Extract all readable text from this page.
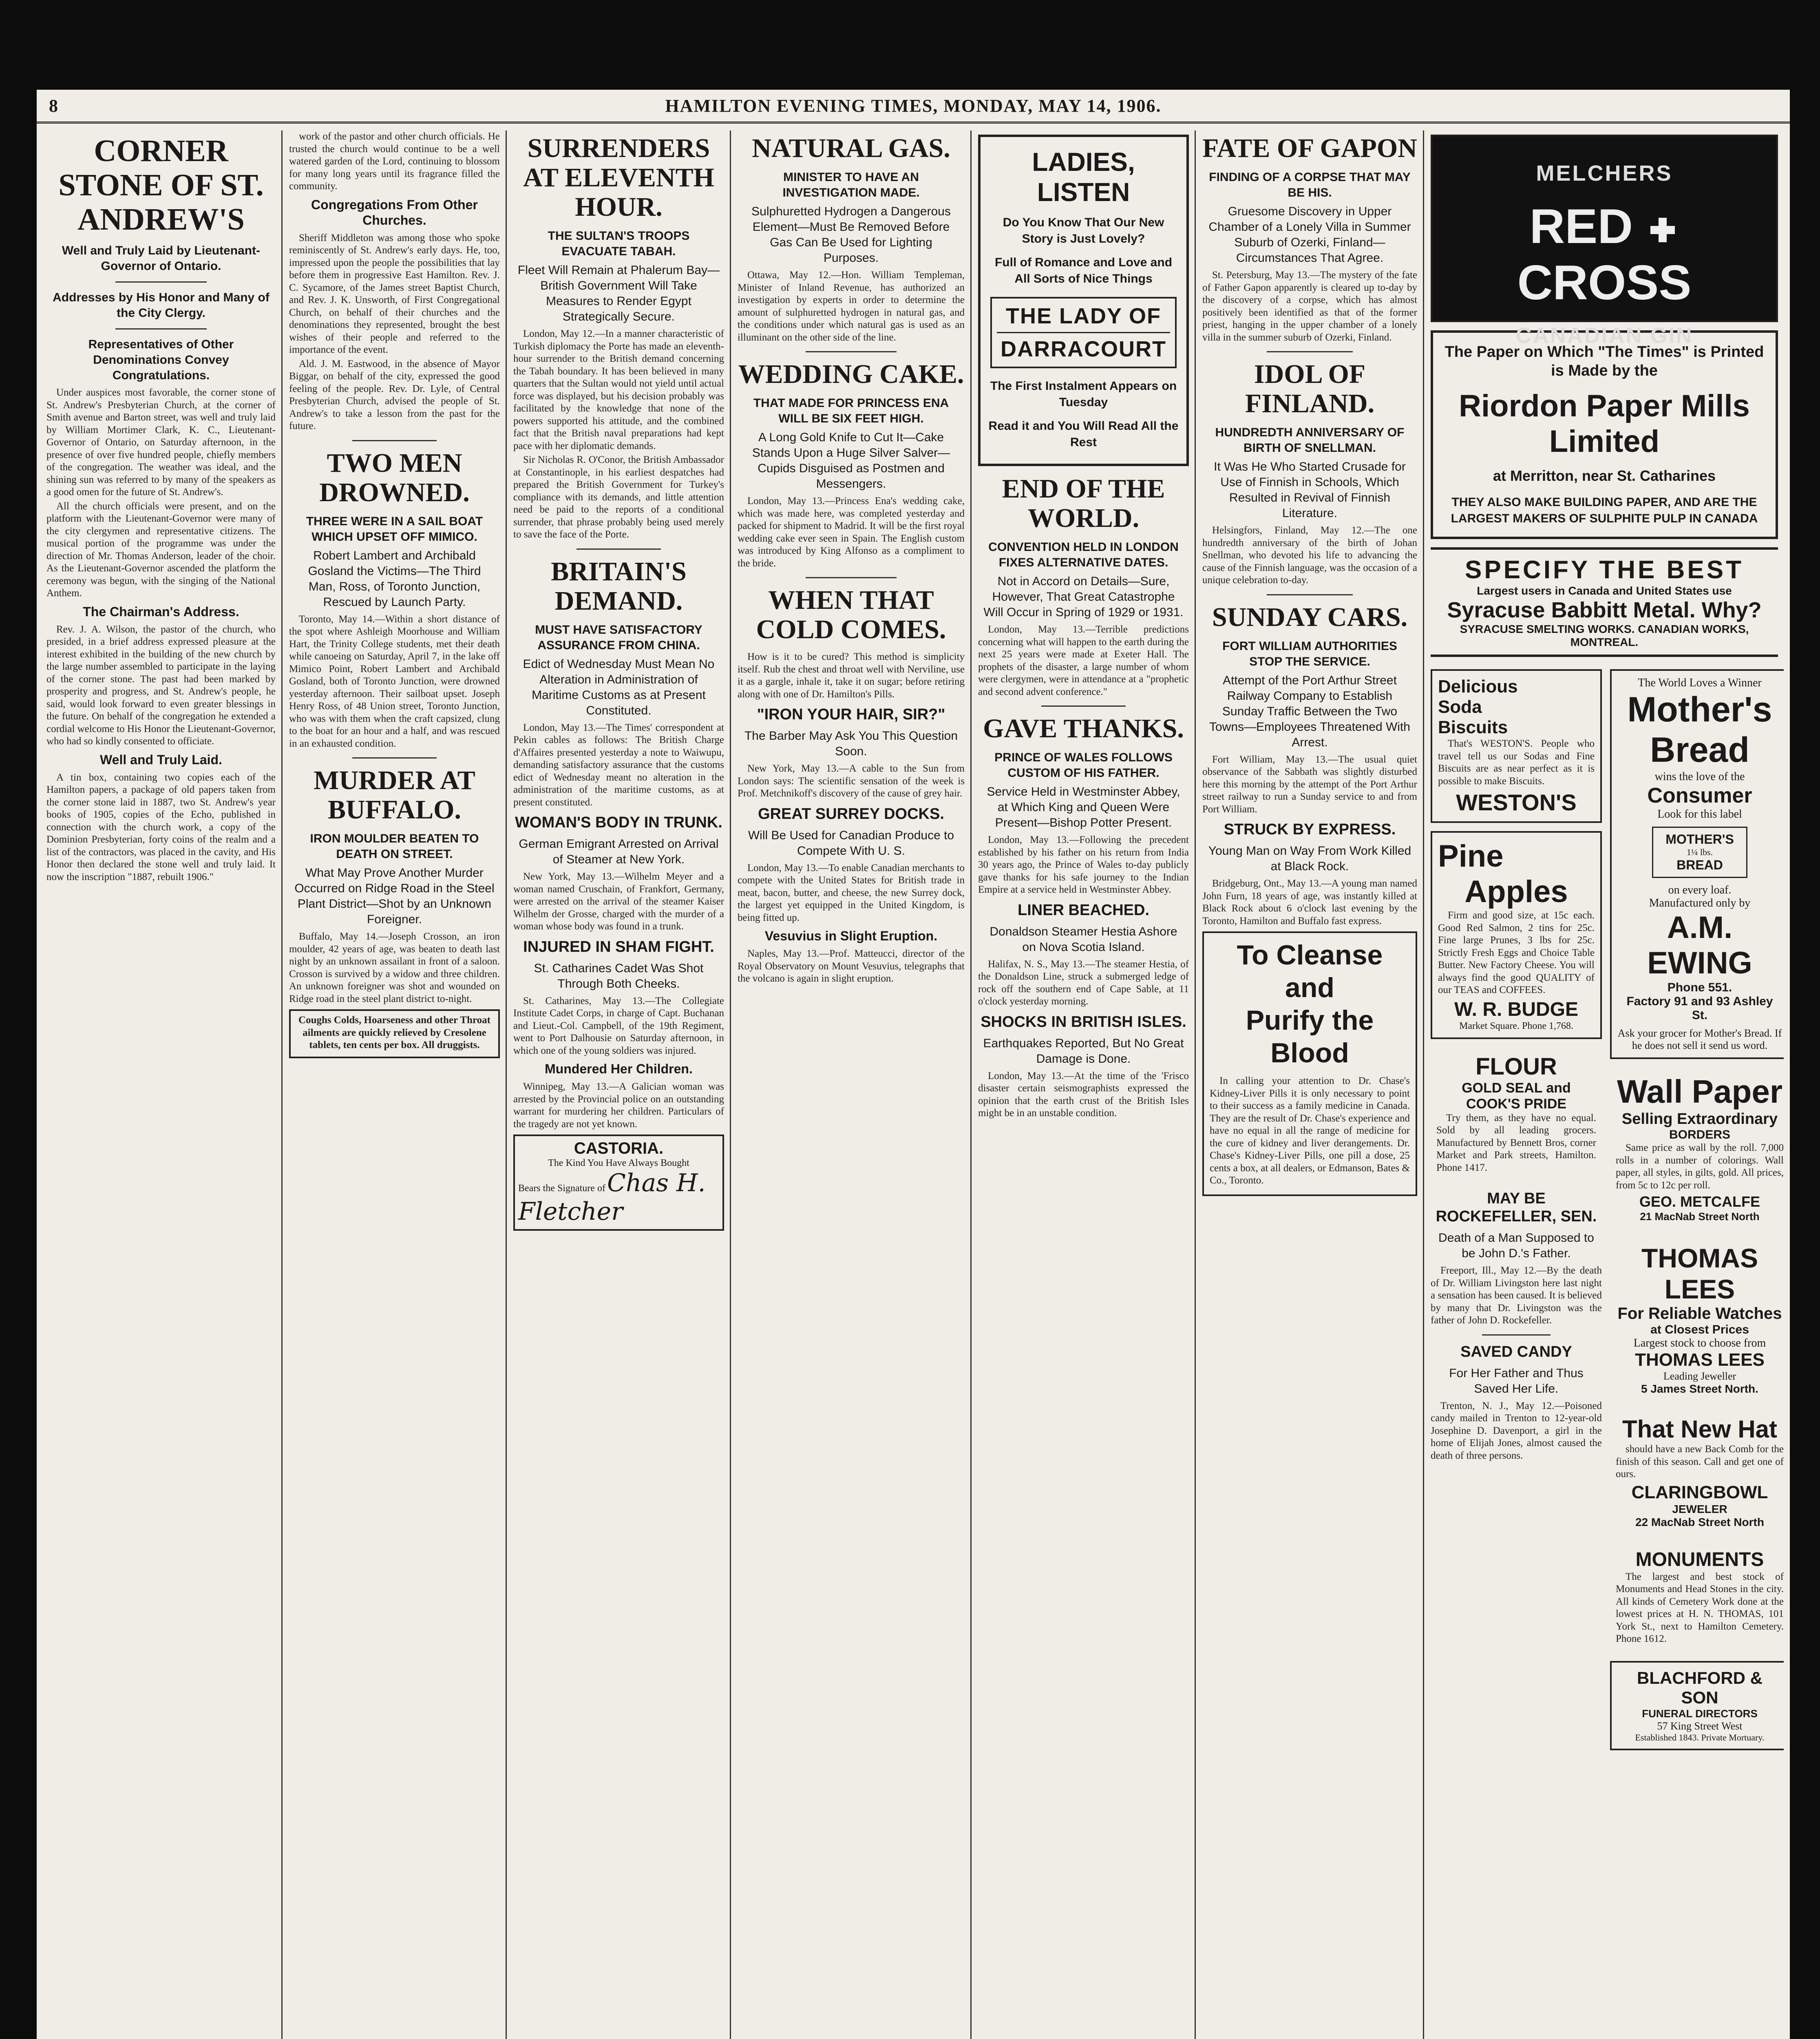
8	HAMILTON EVENING TIMES, MONDAY, MAY 14, 1906.
CORNER STONE OF ST. ANDREW'S

Well and Truly Laid by Lieutenant-Governor of Ontario.

Addresses by His Honor and Many of the City Clergy.

Representatives of Other Denominations Convey Congratulations.

Under auspices most favorable, the corner stone of St. Andrew's Presbyterian Church, at the corner of Smith avenue and Barton street, was well and truly laid by William Mortimer Clark, K. C., Lieutenant-Governor of Ontario, on Saturday afternoon, in the presence of over five hundred people, chiefly members of the congregation. The weather was ideal, and the shining sun was referred to by many of the speakers as a good omen for the future of St. Andrew's.

All the church officials were present, and on the platform with the Lieutenant-Governor were many of the city clergymen and representative citizens. The musical portion of the programme was under the direction of Mr. Thomas Anderson, leader of the choir. As the Lieutenant-Governor ascended the platform the ceremony was begun, with the singing of the National Anthem.

The Chairman's Address.

Rev. J. A. Wilson, the pastor of the church, who presided, in a brief address expressed pleasure at the interest exhibited in the building of the new church by the large number assembled to participate in the laying of the corner stone. The past had been marked by prosperity and progress, and St. Andrew's people, he said, would look forward to even greater blessings in the future. On behalf of the congregation he extended a cordial welcome to His Honor the Lieutenant-Governor, who had so kindly consented to officiate.

Well and Truly Laid.

A tin box, containing two copies each of the Hamilton papers, a package of old papers taken from the corner stone laid in 1887, two St. Andrew's year books of 1905, copies of the Echo, published in connection with the church work, a copy of the Dominion Presbyterian, forty coins of the realm and a list of the contractors, was placed in the cavity, and His Honor then declared the stone well and truly laid. It now the inscription "1887, rebuilt 1906."

work of the pastor and other church officials. He trusted the church would continue to be a well watered garden of the Lord, continuing to blossom for many long years until its fragrance filled the community.

Congregations From Other Churches.

Sheriff Middleton was among those who spoke reminiscently of St. Andrew's early days. He, too, impressed upon the people the possibilities that lay before them in progressive East Hamilton. Rev. J. C. Sycamore, of the James street Baptist Church, and Rev. J. K. Unsworth, of First Congregational Church, on behalf of their churches and the denominations they represented, brought the best wishes of their people and referred to the importance of the event.

Ald. J. M. Eastwood, in the absence of Mayor Biggar, on behalf of the city, expressed the good feeling of the people. Rev. Dr. Lyle, of Central Presbyterian Church, advised the people of St. Andrew's to take a lesson from the past for the future.

TWO MEN DROWNED.

THREE WERE IN A SAIL BOAT WHICH UPSET OFF MIMICO.

Robert Lambert and Archibald Gosland the Victims—The Third Man, Ross, of Toronto Junction, Rescued by Launch Party.

Toronto, May 14.—Within a short distance of the spot where Ashleigh Moorhouse and William Hart, the Trinity College students, met their death while canoeing on Saturday, April 7, in the lake off Mimico Point, Robert Lambert and Archibald Gosland, both of Toronto Junction, were drowned yesterday afternoon. Their sailboat upset. Joseph Henry Ross, of 48 Union street, Toronto Junction, who was with them when the craft capsized, clung to the boat for an hour and a half, and was rescued in an exhausted condition.

MURDER AT BUFFALO.

IRON MOULDER BEATEN TO DEATH ON STREET.

What May Prove Another Murder Occurred on Ridge Road in the Steel Plant District—Shot by an Unknown Foreigner.

Buffalo, May 14.—Joseph Crosson, an iron moulder, 42 years of age, was beaten to death last night by an unknown assailant in front of a saloon. Crosson is survived by a widow and three children. An unknown foreigner was shot and wounded on Ridge road in the steel plant district to-night.

Coughs Colds, Hoarseness and other Throat ailments are quickly relieved by Cresolene tablets, ten cents per box. All druggists.

SURRENDERS AT ELEVENTH HOUR.

THE SULTAN'S TROOPS EVACUATE TABAH.

Fleet Will Remain at Phalerum Bay—British Government Will Take Measures to Render Egypt Strategically Secure.

London, May 12.—In a manner characteristic of Turkish diplomacy the Porte has made an eleventh-hour surrender to the British demand concerning the Tabah boundary. It has been believed in many quarters that the Sultan would not yield until actual force was displayed, but his decision probably was facilitated by the knowledge that none of the powers supported his attitude, and the combined fact that the British naval preparations had kept pace with her diplomatic demands.

Sir Nicholas R. O'Conor, the British Ambassador at Constantinople, in his earliest despatches had prepared the British Government for Turkey's compliance with its demands, and little attention need be paid to the reports of a conditional surrender, that phrase probably being used merely to save the face of the Porte.

BRITAIN'S DEMAND.

MUST HAVE SATISFACTORY ASSURANCE FROM CHINA.

Edict of Wednesday Must Mean No Alteration in Administration of Maritime Customs as at Present Constituted.

London, May 13.—The Times' correspondent at Pekin cables as follows: The British Charge d'Affaires presented yesterday a note to Waiwupu, demanding satisfactory assurance that the customs edict of Wednesday meant no alteration in the administration of the maritime customs, as at present constituted.

WOMAN'S BODY IN TRUNK.

German Emigrant Arrested on Arrival of Steamer at New York.

New York, May 13.—Wilhelm Meyer and a woman named Cruschain, of Frankfort, Germany, were arrested on the arrival of the steamer Kaiser Wilhelm der Grosse, charged with the murder of a woman whose body was found in a trunk.

INJURED IN SHAM FIGHT.

St. Catharines Cadet Was Shot Through Both Cheeks.

St. Catharines, May 13.—The Collegiate Institute Cadet Corps, in charge of Capt. Buchanan and Lieut.-Col. Campbell, of the 19th Regiment, went to Port Dalhousie on Saturday afternoon, in which one of the young soldiers was injured.

Mundered Her Children.

Winnipeg, May 13.—A Galician woman was arrested by the Provincial police on an outstanding warrant for murdering her children. Particulars of the tragedy are not yet known.

CASTORIA.
The Kind You Have Always Bought
Bears the Signature of Chas H. Fletcher
NATURAL GAS.

MINISTER TO HAVE AN INVESTIGATION MADE.

Sulphuretted Hydrogen a Dangerous Element—Must Be Removed Before Gas Can Be Used for Lighting Purposes.

Ottawa, May 12.—Hon. William Templeman, Minister of Inland Revenue, has authorized an investigation by experts in order to determine the amount of sulphuretted hydrogen in natural gas, and the conditions under which natural gas is used as an illuminant on the other side of the line.

WEDDING CAKE.

THAT MADE FOR PRINCESS ENA WILL BE SIX FEET HIGH.

A Long Gold Knife to Cut It—Cake Stands Upon a Huge Silver Salver—Cupids Disguised as Postmen and Messengers.

London, May 13.—Princess Ena's wedding cake, which was made here, was completed yesterday and packed for shipment to Madrid. It will be the first royal wedding cake ever seen in Spain. The English custom was introduced by King Alfonso as a compliment to the bride.

WHEN THAT COLD COMES.

How is it to be cured? This method is simplicity itself. Rub the chest and throat well with Nerviline, use it as a gargle, inhale it, take it on sugar; before retiring along with one of Dr. Hamilton's Pills.

"IRON YOUR HAIR, SIR?"

The Barber May Ask You This Question Soon.

New York, May 13.—A cable to the Sun from London says: The scientific sensation of the week is Prof. Metchnikoff's discovery of the cause of grey hair.

GREAT SURREY DOCKS.

Will Be Used for Canadian Produce to Compete With U. S.

London, May 13.—To enable Canadian merchants to compete with the United States for British trade in meat, bacon, butter, and cheese, the new Surrey dock, the largest yet equipped in the United Kingdom, is being fitted up.

Vesuvius in Slight Eruption.

Naples, May 13.—Prof. Matteucci, director of the Royal Observatory on Mount Vesuvius, telegraphs that the volcano is again in slight eruption.

LADIES, LISTEN
Do You Know That Our New Story is Just Lovely?
Full of Romance and Love and All Sorts of Nice Things
THE LADY OF
DARRACOURT
The First Instalment Appears on Tuesday
Read it and You Will Read All the Rest
END OF THE WORLD.

CONVENTION HELD IN LONDON FIXES ALTERNATIVE DATES.

Not in Accord on Details—Sure, However, That Great Catastrophe Will Occur in Spring of 1929 or 1931.

London, May 13.—Terrible predictions concerning what will happen to the earth during the next 25 years were made at Exeter Hall. The prophets of the disaster, a large number of whom were clergymen, were in attendance at a "prophetic and second advent conference."

GAVE THANKS.

PRINCE OF WALES FOLLOWS CUSTOM OF HIS FATHER.

Service Held in Westminster Abbey, at Which King and Queen Were Present—Bishop Potter Present.

London, May 13.—Following the precedent established by his father on his return from India 30 years ago, the Prince of Wales to-day publicly gave thanks for his safe journey to the Indian Empire at a service held in Westminster Abbey.

LINER BEACHED.

Donaldson Steamer Hestia Ashore on Nova Scotia Island.

Halifax, N. S., May 13.—The steamer Hestia, of the Donaldson Line, struck a submerged ledge of rock off the southern end of Cape Sable, at 11 o'clock yesterday morning.

SHOCKS IN BRITISH ISLES.

Earthquakes Reported, But No Great Damage is Done.

London, May 13.—At the time of the 'Frisco disaster certain seismographists expressed the opinion that the earth crust of the British Isles might be in an unstable condition.

FATE OF GAPON

FINDING OF A CORPSE THAT MAY BE HIS.

Gruesome Discovery in Upper Chamber of a Lonely Villa in Summer Suburb of Ozerki, Finland—Circumstances That Agree.

St. Petersburg, May 13.—The mystery of the fate of Father Gapon apparently is cleared up to-day by the discovery of a corpse, which has almost positively been identified as that of the former priest, hanging in the upper chamber of a lonely villa in the summer suburb of Ozerki, Finland.

IDOL OF FINLAND.

HUNDREDTH ANNIVERSARY OF BIRTH OF SNELLMAN.

It Was He Who Started Crusade for Use of Finnish in Schools, Which Resulted in Revival of Finnish Literature.

Helsingfors, Finland, May 12.—The one hundredth anniversary of the birth of Johan Snellman, who devoted his life to advancing the cause of the Finnish language, was the occasion of a unique celebration to-day.

SUNDAY CARS.

FORT WILLIAM AUTHORITIES STOP THE SERVICE.

Attempt of the Port Arthur Street Railway Company to Establish Sunday Traffic Between the Two Towns—Employees Threatened With Arrest.

Fort William, May 13.—The usual quiet observance of the Sabbath was slightly disturbed here this morning by the attempt of the Port Arthur street railway to run a Sunday service to and from Port William.

STRUCK BY EXPRESS.

Young Man on Way From Work Killed at Black Rock.

Bridgeburg, Ont., May 13.—A young man named John Furn, 18 years of age, was instantly killed at Black Rock about 6 o'clock last evening by the Toronto, Hamilton and Buffalo fast express.

To Cleanse and
Purify the Blood

In calling your attention to Dr. Chase's Kidney-Liver Pills it is only necessary to point to their success as a family medicine in Canada. They are the result of Dr. Chase's experience and have no equal in all the range of medicine for the cure of kidney and liver derangements. Dr. Chase's Kidney-Liver Pills, one pill a dose, 25 cents a box, at all dealers, or Edmanson, Bates & Co., Toronto.

MELCHERS
RED  CROSS
CANADIAN GIN
The Paper on Which "The Times" is Printed is Made by the
Riordon Paper Mills Limited
at Merritton, near St. Catharines
THEY ALSO MAKE BUILDING PAPER, AND ARE THE LARGEST MAKERS OF SULPHITE PULP IN CANADA
SPECIFY THE BEST
Largest users in Canada and United States use
Syracuse Babbitt Metal. Why?
SYRACUSE SMELTING WORKS. CANADIAN WORKS, MONTREAL.
Delicious
Soda
Biscuits

That's WESTON'S. People who travel tell us our Sodas and Fine Biscuits are as near perfect as it is possible to make Biscuits.

WESTON'S
Pine
Apples

Firm and good size, at 15c each. Good Red Salmon, 2 tins for 25c. Fine large Prunes, 3 lbs for 25c. Strictly Fresh Eggs and Choice Table Butter. New Factory Cheese. You will always find the good QUALITY of our TEAS and COFFEES.

W. R. BUDGE
Market Square. Phone 1,768.
FLOUR
GOLD SEAL and COOK'S PRIDE

Try them, as they have no equal. Sold by all leading grocers. Manufactured by Bennett Bros, corner Market and Park streets, Hamilton. Phone 1417.

MAY BE ROCKEFELLER, SEN.

Death of a Man Supposed to be John D.'s Father.

Freeport, Ill., May 12.—By the death of Dr. William Livingston here last night a sensation has been caused. It is believed by many that Dr. Livingston was the father of John D. Rockefeller.

SAVED CANDY

For Her Father and Thus Saved Her Life.

Trenton, N. J., May 12.—Poisoned candy mailed in Trenton to 12-year-old Josephine D. Davenport, a girl in the home of Elijah Jones, almost caused the death of three persons.

The World Loves a Winner
Mother's
Bread
wins the love of the
Consumer
Look for this label
MOTHER'S
1¼ lbs.
BREAD
on every loaf.
Manufactured only by
A.M. EWING
Phone 551.
Factory 91 and 93 Ashley St.
Ask your grocer for Mother's Bread. If he does not sell it send us word.
Wall Paper
Selling Extraordinary
BORDERS

Same price as wall by the roll. 7,000 rolls in a number of colorings. Wall paper, all styles, in gilts, gold. All prices, from 5c to 12c per roll.

GEO. METCALFE
21 MacNab Street North
THOMAS LEES
For Reliable Watches
at Closest Prices
Largest stock to choose from
THOMAS LEES
Leading Jeweller
5 James Street North.
That New Hat

should have a new Back Comb for the finish of this season. Call and get one of ours.

CLARINGBOWL
JEWELER
22 MacNab Street North
MONUMENTS

The largest and best stock of Monuments and Head Stones in the city. All kinds of Cemetery Work done at the lowest prices at H. N. THOMAS, 101 York St., next to Hamilton Cemetery. Phone 1612.

BLACHFORD & SON
FUNERAL DIRECTORS
57 King Street West
Established 1843. Private Mortuary.
